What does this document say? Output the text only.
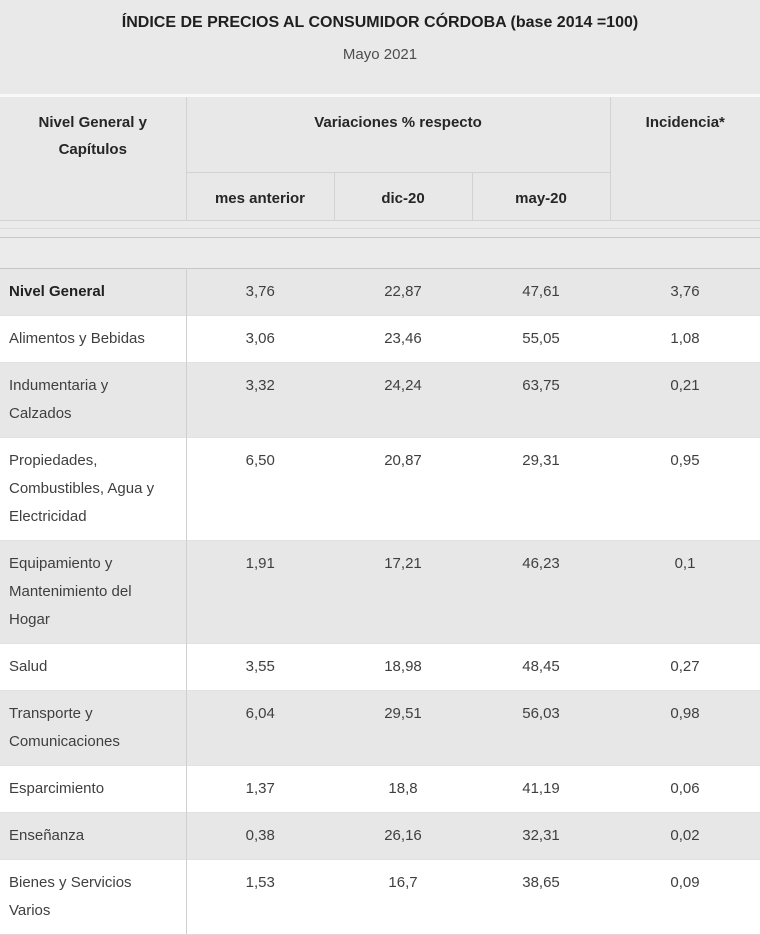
ÍNDICE DE PRECIOS AL CONSUMIDOR CÓRDOBA (base 2014 =100)
Mayo 2021
Nivel General y Capítulos	Variaciones % respecto			Incidencia*
	mes anterior	dic-20	may-20	

Nivel General	3,76	22,87	47,61	3,76
Alimentos y Bebidas	3,06	23,46	55,05	1,08
Indumentaria y Calzados	3,32	24,24	63,75	0,21
Propiedades, Combustibles, Agua y Electricidad	6,50	20,87	29,31	0,95
Equipamiento y Mantenimiento del Hogar	1,91	17,21	46,23	0,1
Salud	3,55	18,98	48,45	0,27
Transporte y Comunicaciones	6,04	29,51	56,03	0,98
Esparcimiento	1,37	18,8	41,19	0,06
Enseñanza	0,38	26,16	32,31	0,02
Bienes y Servicios Varios	1,53	16,7	38,65	0,09
